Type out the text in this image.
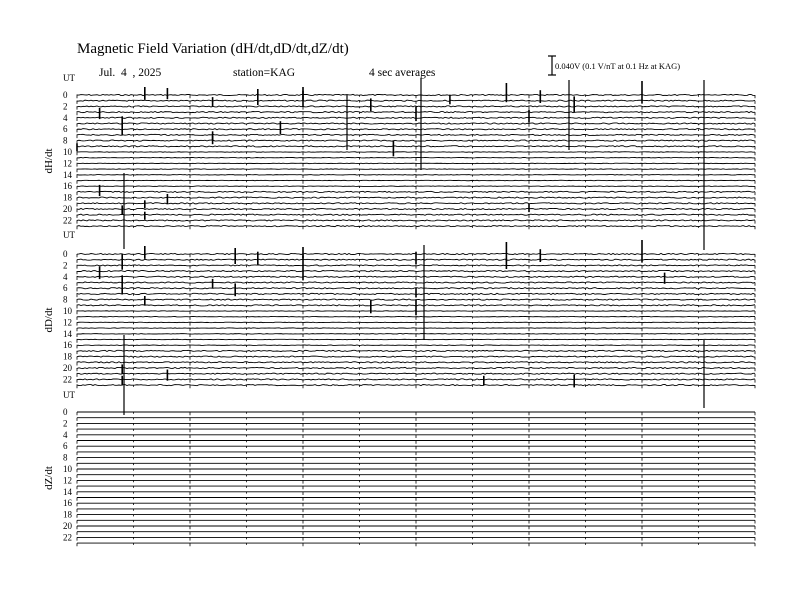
Magnetic Field Variation (dH/dt,dD/dt,dZ/dt)
Jul.  4  , 2025	station=KAG	4 sec averages
0.040V (0.1 V/nT at 0.1 Hz at KAG)
UT
dH/dt
0
2
4
6
8
10
12
14
16
18
20
22
UT
dD/dt
0
2
4
6
8
10
12
14
16
18
20
22
UT
dZ/dt
0
2
4
6
8
10
12
14
16
18
20
22
